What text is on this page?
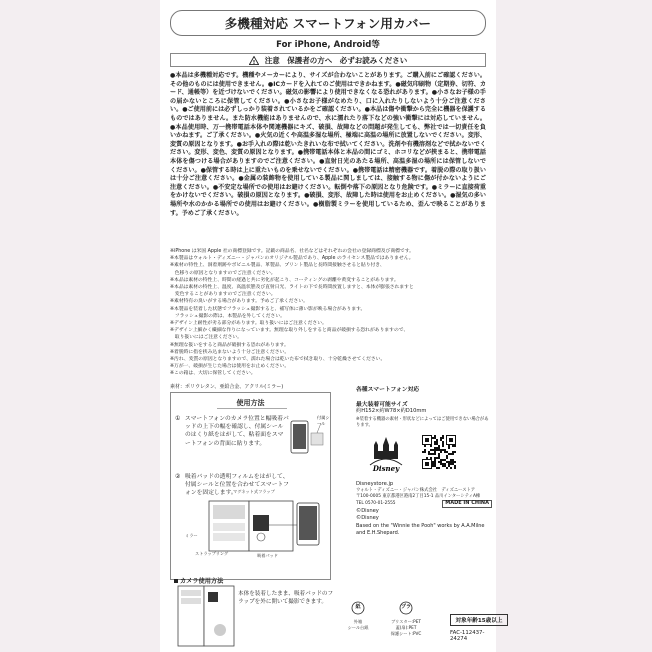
多機種対応 スマートフォン用カバー
For iPhone, Android等
! 注意　保護者の方へ　必ずお読みください
●本品は多機種対応です。機種やメーカーにより、サイズが合わないことがあります。ご購入前にご確認ください。その他のものには使用できません。●ICカードを入れてのご使用はできかねます。●磁気印刷物（定期券、切符、カード、通帳等）を近づけないでください。磁気の影響により使用できなくなる恐れがあります。●小さなお子様の手の届かないところに保管してください。●小さなお子様がなめたり、口に入れたりしないよう十分ご注意ください。●ご使用前には必ずしっかり装着されているかをご確認ください。●本品は傷や衝撃から完全に機器を保護するものではありません。また防水機能はありませんので、水に濡れたり落下などの強い衝撃には対応していません。●本品使用時、万一携帯電話本体や関連機器にキズ、破損、故障などの問題が発生しても、弊社では一切責任を負いかねます。ご了承ください。●火気の近くや高温多湿な場所、極端に高温の場所に放置しないでください。変形、変質の原因となります。●お手入れの際は乾いたきれいな布で拭いてください。洗剤や有機溶剤などで拭かないでください。変形、変色、変質の原因となります。●携帯電話本体と本品の間にゴミ、ホコリなどが挟まると、携帯電話本体を傷つける場合がありますのでご注意ください。●直射日光のあたる場所、高温多湿の場所には保管しないでください。●保管する時は上に重たいものを乗せないでください。●携帯電話は精密機器です。着脱の際の取り扱いは十分ご注意ください。●金属の装飾物を使用している製品に関しましては、接触する物に傷が付かないようにご注意ください。●不安定な場所での使用はお避けください。転倒や落下の原因となり危険です。●ミラーに直接荷重をかけないでください。破損の原因となります。●破損、変形、故障した時は使用をお止めください。●湿気の多い場所や水のかかる場所での使用はお避けください。●樹脂製ミラーを使用しているため、歪んで映ることがあります。予めご了承ください。
※iPhone は米国 Apple 社の商標登録です。記載の商品名、社名などはそれぞれの会社の登録商標及び商標です。
※本製品はウォルト・ディズニー・ジャパンのオリジナル製品であり、Apple のライセンス製品ではありません。
※素材の特性上、洞着剤跡やボビニル製品、革製品、プリント製品と長時間接触させると貼り付き、
　色移りの原因となりますのでご注意ください。
※本品は素材の特性上、時間の経過と共に劣化が起こり、コーティングの剥離や黄変することがあります。
※本品は素材の特性上、温度、高温状態及び直射日光、ライトの下で長時間放置しますと、本体が膨張されますと
　変色することがありますのでご注意ください。
※素材特有の臭いがする場合があります。予めご了承ください。
※本製品を装着した状態でフラッシュ撮影すると、補写体に薄い影が映る場合があります。
　フラッシュ撮影の際は、本製品を外してください。
※デザイン上耐性が劣る部分があります。取り扱いにはご注意ください。
※デザイン上細かく繊細な作りになっています。無理な取り外しをすると商品が破損する恐れがありますので、
　取り扱いにはご注意ください。
※無理な扱いをすると商品が破損する恐れがあります。
※着脱時に指を挟み込まないよう十分ご注意ください。
※汚れ、変質の原因となりますので、濡れた場合は乾いた布で拭き取り、十分乾燥させてください。
※万が一、破損が生じた場合は使用をお止めください。
※この箱は、大切に保管してください。
素材：ポリウレタン、亜鉛合金、アクリル(ミラー)
使用方法
① スマートフォンのカメラ位置と幅吸着パッドの上下の幅を確認し、付属シールのはくり紙をはがして、粘着面をスマートフォンの背面に貼ります。
付属シール
② 吸着パッドの透明フィルムをはがして、付属シールと位置を合わせてスマートフォンを固定します。
マグネット式フラップ
ミラー
ストラップリング	吸着パッド
カメラ使用方法
本体を装着したまま、吸着パッドのフラップを外に開いて撮影できます。
各種スマートフォン対応
最大装着可能サイズ
約H152×約W78×約D10mm
※装着する機器の素材・形状などによってはご使用できない場合があります。
Disney
Disneystore.jp
ウォルト・ディズニー・ジャパン株式会社　ディズニーストア
〒100-0005 東京都港区港南2丁目15-1 品川インターシティA棟
TEL 0570-01-2555	MADE IN CHINA
©Disney
©Disney
Based on the "Winnie the Pooh" works by A.A.Milne and E.H.Shepard.
紙
外箱
シール台紙
プラ
ブリスター:PET
蓋(扉):PET
保護シート:PVC
対象年齢15歳以上
FAC-112437-24274
